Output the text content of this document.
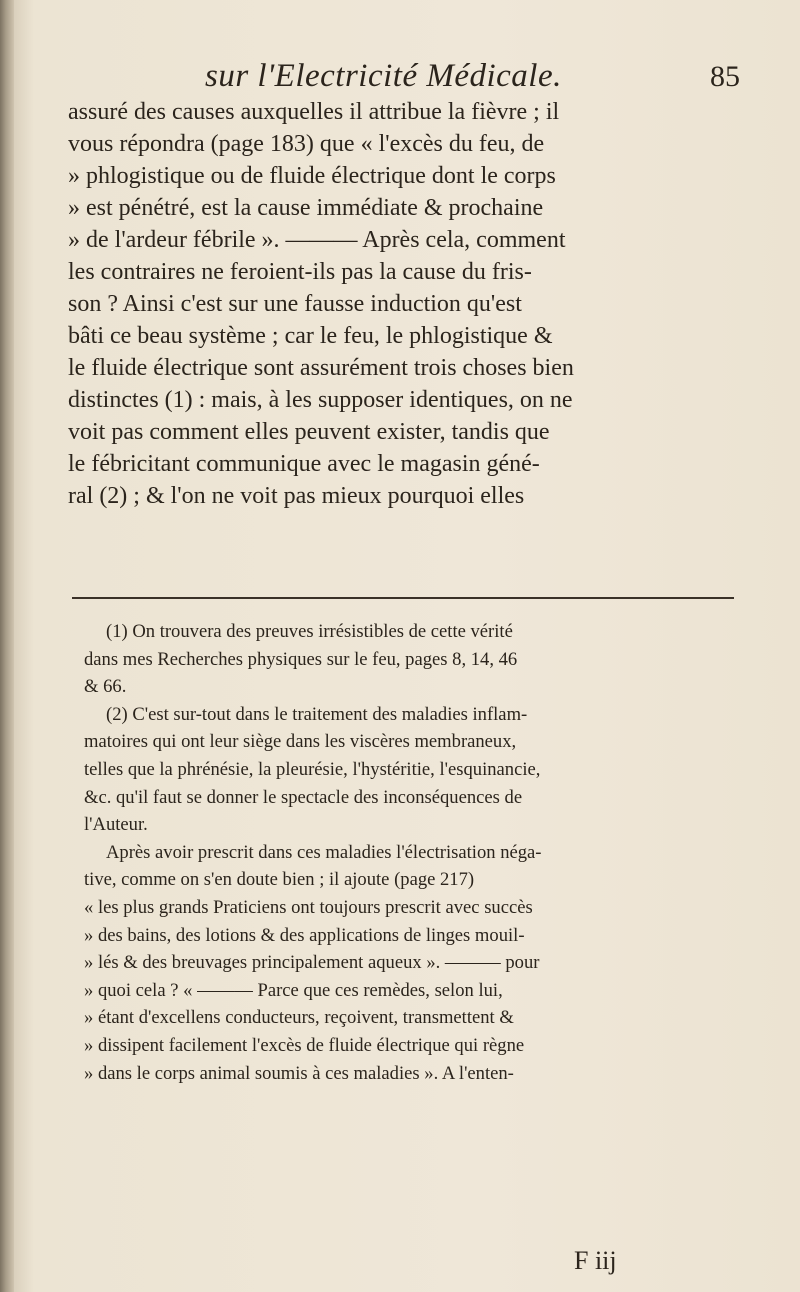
sur l'Electricité Médicale.	85
assuré des causes auxquelles il attribue la fièvre ; il
vous répondra (page 183) que « l'excès du feu, de
» phlogistique ou de fluide électrique dont le corps
» est pénétré, est la cause immédiate & prochaine
» de l'ardeur fébrile ». ——— Après cela, comment
les contraires ne feroient-ils pas la cause du fris-
son ? Ainsi c'est sur une fausse induction qu'est
bâti ce beau système ; car le feu, le phlogistique &
le fluide électrique sont assurément trois choses bien
distinctes (1) : mais, à les supposer identiques, on ne
voit pas comment elles peuvent exister, tandis que
le fébricitant communique avec le magasin géné-
ral (2) ; & l'on ne voit pas mieux pourquoi elles
(1) On trouvera des preuves irrésistibles de cette vérité
dans mes Recherches physiques sur le feu, pages 8, 14, 46
& 66.
(2) C'est sur-tout dans le traitement des maladies inflam-
matoires qui ont leur siège dans les viscères membraneux,
telles que la phrénésie, la pleurésie, l'hystéritie, l'esquinancie,
&c. qu'il faut se donner le spectacle des inconséquences de
l'Auteur.
Après avoir prescrit dans ces maladies l'électrisation néga-
tive, comme on s'en doute bien ; il ajoute (page 217)
« les plus grands Praticiens ont toujours prescrit avec succès
» des bains, des lotions & des applications de linges mouil-
» lés & des breuvages principalement aqueux ». ——— pour
» quoi cela ? « ——— Parce que ces remèdes, selon lui,
» étant d'excellens conducteurs, reçoivent, transmettent &
» dissipent facilement l'excès de fluide électrique qui règne
» dans le corps animal soumis à ces maladies ». A l'enten-
F iij
